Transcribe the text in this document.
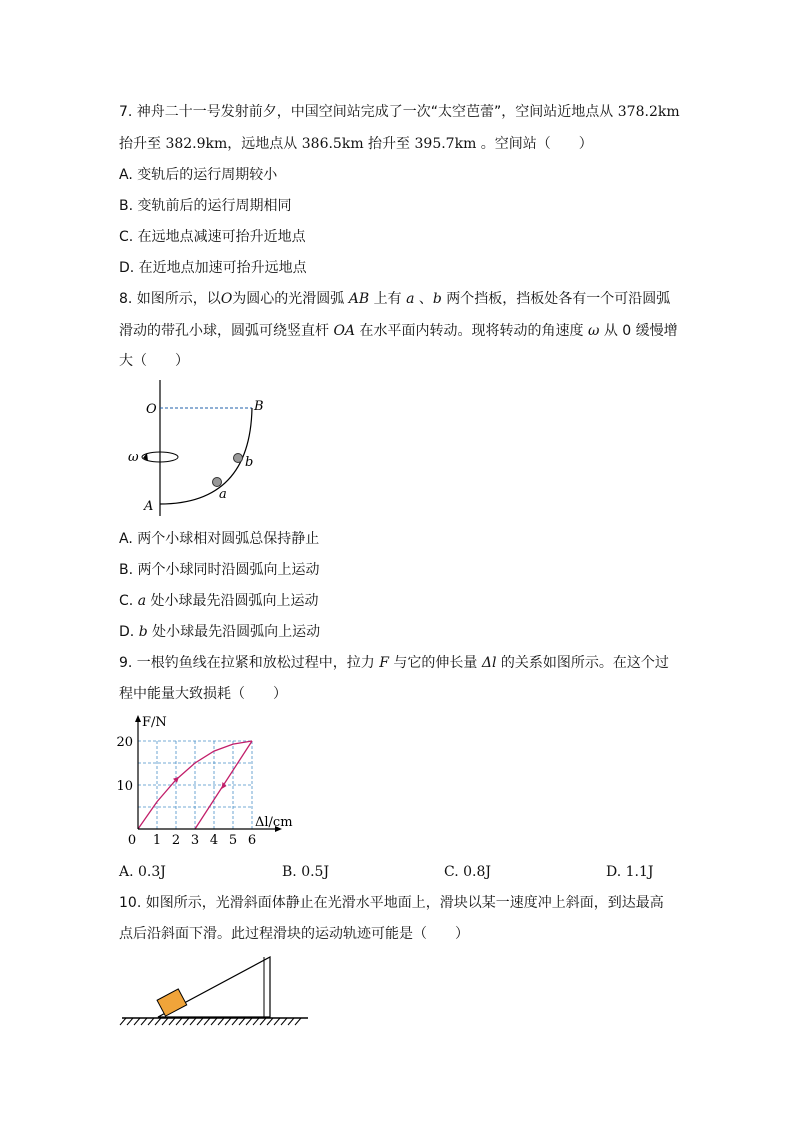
7. 神舟二十一号发射前夕，中国空间站完成了一次“太空芭蕾”，空间站近地点从 378.2km
抬升至 382.9km，远地点从 386.5km 抬升至 395.7km 。空间站（　　）
A. 变轨后的运行周期较小
B. 变轨前后的运行周期相同
C. 在远地点减速可抬升近地点
D. 在近地点加速可抬升远地点
8. 如图所示，以O为圆心的光滑圆弧 AB 上有 a 、b 两个挡板，挡板处各有一个可沿圆弧
滑动的带孔小球，圆弧可绕竖直杆 OA 在水平面内转动。现将转动的角速度 ω 从 0 缓慢增
大（　　）
O	B
A
ω
a
b
A. 两个小球相对圆弧总保持静止
B. 两个小球同时沿圆弧向上运动
C. a 处小球最先沿圆弧向上运动
D. b 处小球最先沿圆弧向上运动
9. 一根钓鱼线在拉紧和放松过程中，拉力 F 与它的伸长量 Δl 的关系如图所示。在这个过
程中能量大致损耗（　　）
0 1 2 3 4 5 6
10
20
F/N
Δl/cm
A. 0.3J	B. 0.5J	C. 0.8J	D. 1.1J
10. 如图所示，光滑斜面体静止在光滑水平地面上，滑块以某一速度冲上斜面，到达最高
点后沿斜面下滑。此过程滑块的运动轨迹可能是（　　）
